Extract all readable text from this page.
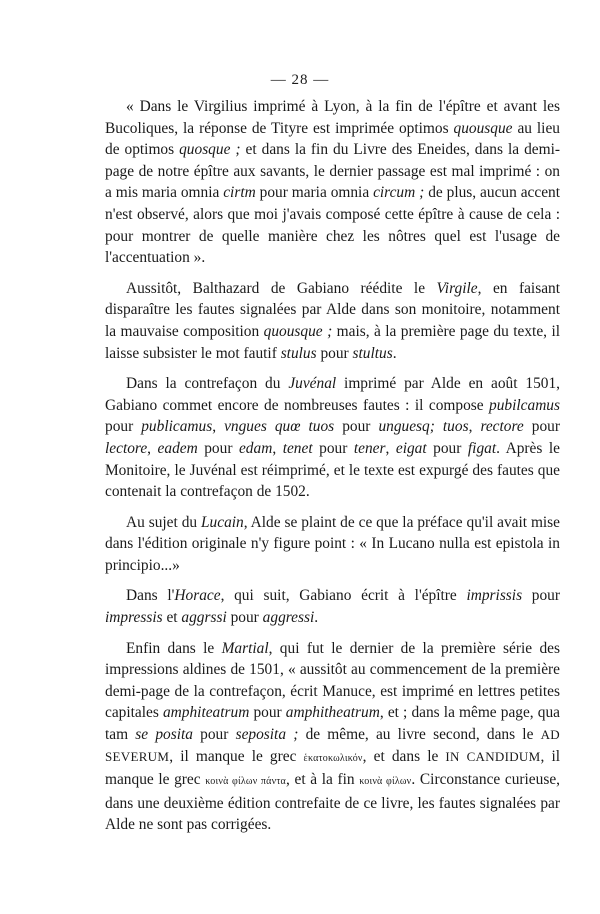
— 28 —

« Dans le Virgilius imprimé à Lyon, à la fin de l'épître et avant les Bucoliques, la réponse de Tityre est imprimée optimos quousque au lieu de optimos quosque ; et dans la fin du Livre des Eneides, dans la demi-page de notre épître aux savants, le dernier passage est mal imprimé : on a mis maria omnia cirtm pour maria omnia circum ; de plus, aucun accent n'est observé, alors que moi j'avais composé cette épître à cause de cela : pour montrer de quelle manière chez les nôtres quel est l'usage de l'accentuation ».

Aussitôt, Balthazard de Gabiano réédite le Virgile, en faisant disparaître les fautes signalées par Alde dans son monitoire, notamment la mauvaise composition quousque ; mais, à la première page du texte, il laisse subsister le mot fautif stulus pour stultus.

Dans la contrefaçon du Juvénal imprimé par Alde en août 1501, Gabiano commet encore de nombreuses fautes : il compose pubilcamus pour publicamus, vngues quœ tuos pour unguesq; tuos, rectore pour lectore, eadem pour edam, tenet pour tener, eigat pour figat. Après le Monitoire, le Juvénal est réimprimé, et le texte est expurgé des fautes que contenait la contrefaçon de 1502.

Au sujet du Lucain, Alde se plaint de ce que la préface qu'il avait mise dans l'édition originale n'y figure point : « In Lucano nulla est epistola in principio...»

Dans l'Horace, qui suit, Gabiano écrit à l'épître imprissis pour impressis et aggrssi pour aggressi.

Enfin dans le Martial, qui fut le dernier de la première série des impressions aldines de 1501, « aussitôt au commencement de la première demi-page de la contrefaçon, écrit Manuce, est imprimé en lettres petites capitales amphitеatrum pour amphitheatrum, et ; dans la même page, qua tam se posita pour seposita ; de même, au livre second, dans le AD SEVERUM, il manque le grec ἑκατοκωλικόν, et dans le IN CANDIDUM, il manque le grec κοινὰ φίλων πάντα, et à la fin κοινὰ φίλων. Circonstance curieuse, dans une deuxième édition contrefaite de ce livre, les fautes signalées par Alde ne sont pas corrigées.
